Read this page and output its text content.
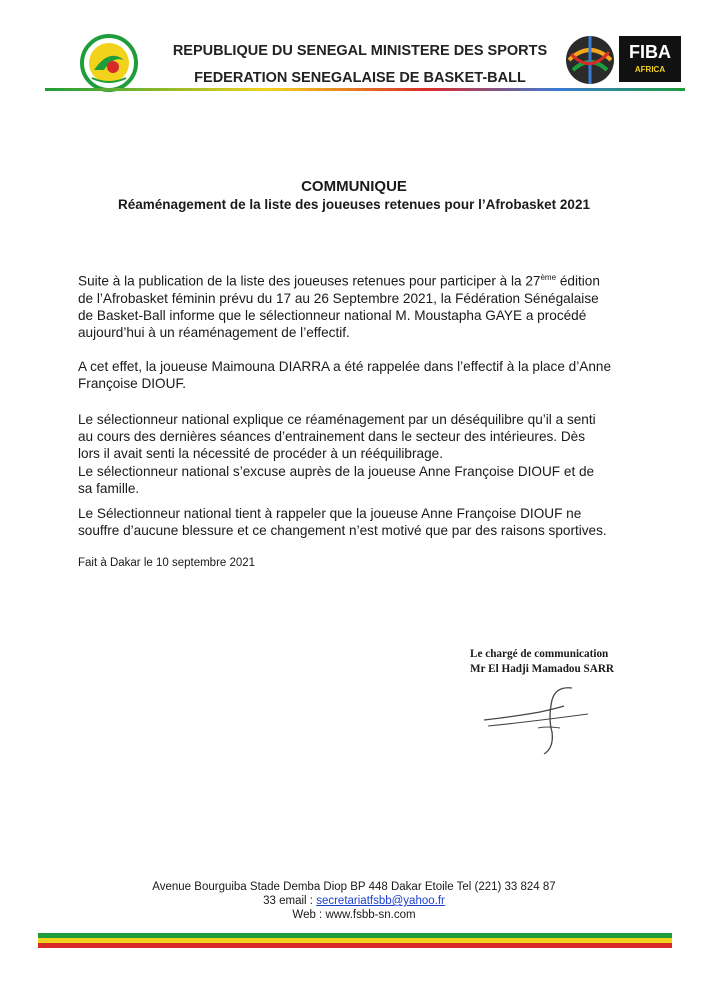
REPUBLIQUE DU SENEGAL MINISTERE DES SPORTS
FEDERATION SENEGALAISE DE BASKET-BALL
FIBA
AFRICA
COMMUNIQUE
Réaménagement de la liste des joueuses retenues pour l’Afrobasket 2021
Suite à la publication de la liste des joueuses retenues pour participer à la 27ème édition
de l’Afrobasket féminin prévu du 17 au 26 Septembre 2021, la Fédération Sénégalaise
de Basket-Ball informe que le sélectionneur national M. Moustapha GAYE a procédé
aujourd’hui à un réaménagement de l’effectif.
A cet effet, la joueuse Maimouna DIARRA a été rappelée dans l’effectif à la place d’Anne
Françoise DIOUF.
Le sélectionneur national explique ce réaménagement par un déséquilibre qu’il a senti
au cours des dernières séances d’entrainement dans le secteur des intérieures. Dès
lors il avait senti la nécessité de procéder à un rééquilibrage.
Le sélectionneur national s’excuse auprès de la joueuse Anne Françoise DIOUF et de
sa famille.
Le Sélectionneur national tient à rappeler que la joueuse Anne Françoise DIOUF ne
souffre d’aucune blessure et ce changement n’est motivé que par des raisons sportives.
Fait à Dakar le 10 septembre 2021
Le chargé de communication
Mr El Hadji Mamadou SARR
Avenue Bourguiba Stade Demba Diop BP 448 Dakar Etoile Tel (221) 33 824 87
33 email : secretariatfsbb@yahoo.fr
Web : www.fsbb-sn.com
